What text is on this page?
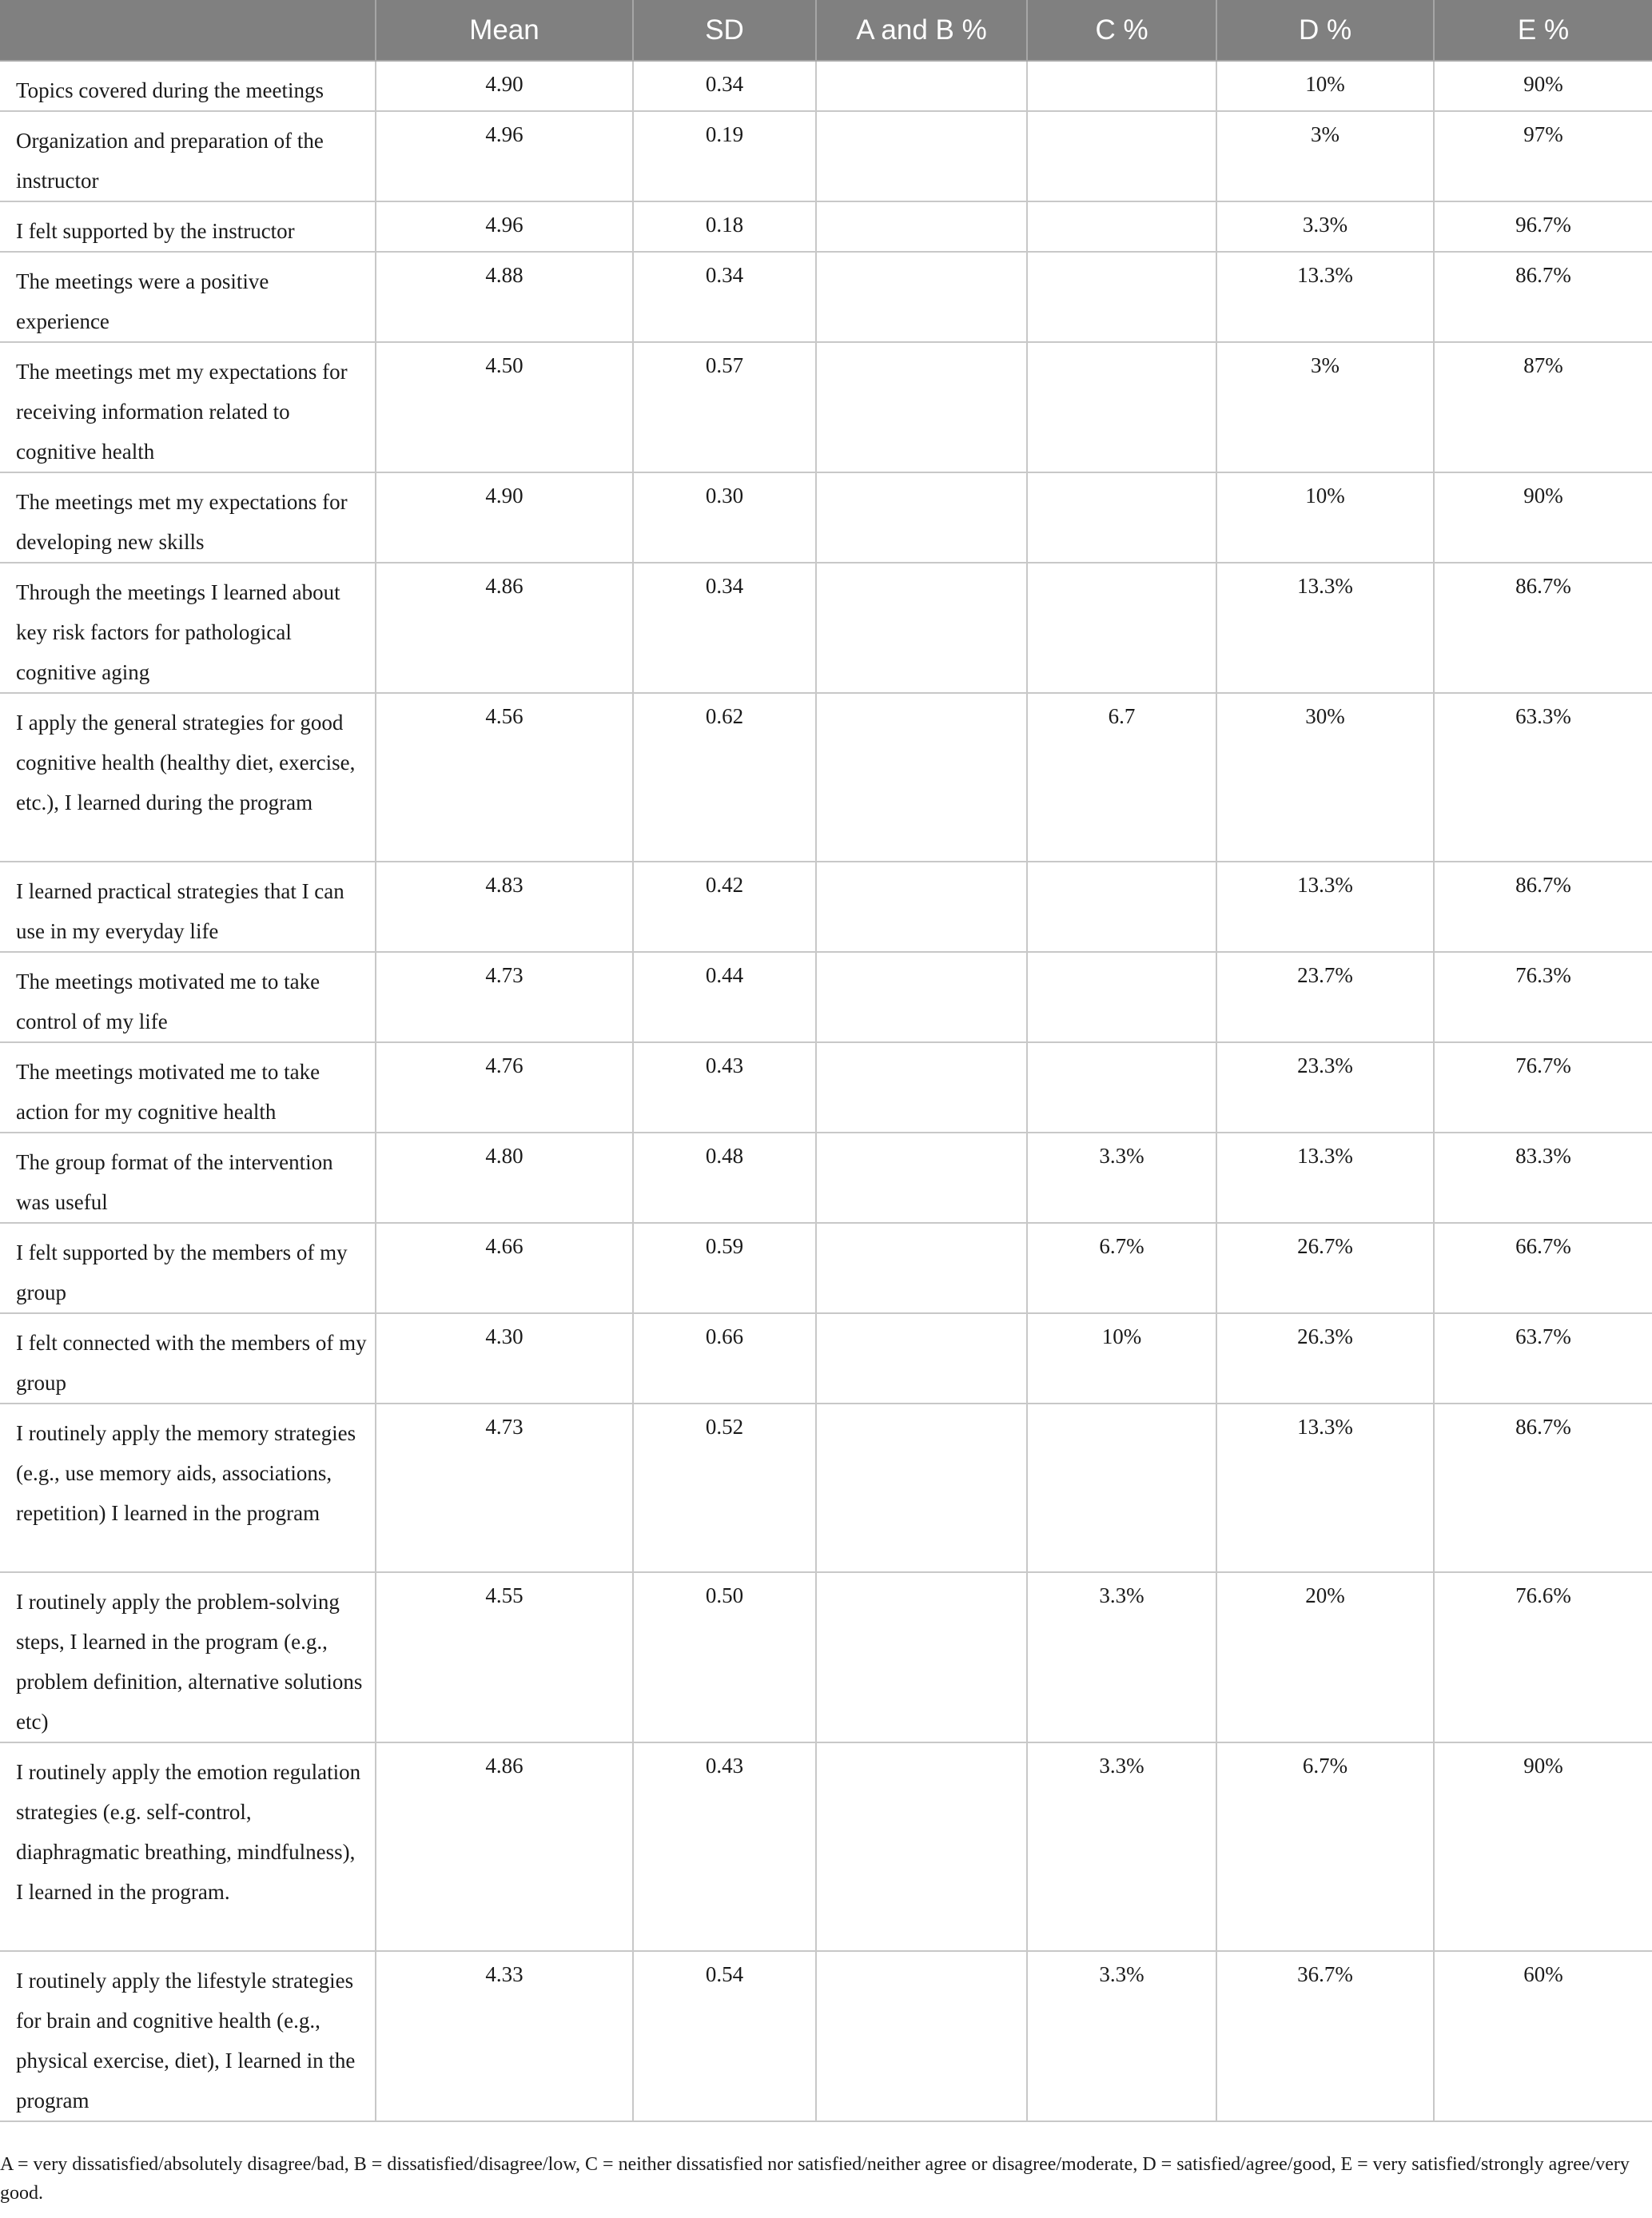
	Mean	SD	A and B %	C %	D %	E %
Topics covered during the meetings	4.90	0.34			10%	90%
Organization and preparation of the instructor	4.96	0.19			3%	97%
I felt supported by the instructor	4.96	0.18			3.3%	96.7%
The meetings were a positive experience	4.88	0.34			13.3%	86.7%
The meetings met my expectations for receiving information related to cognitive health	4.50	0.57			3%	87%
The meetings met my expectations for developing new skills	4.90	0.30			10%	90%
Through the meetings I learned about key risk factors for pathological cognitive aging	4.86	0.34			13.3%	86.7%
I apply the general strategies for good cognitive health (healthy diet, exercise, etc.), I learned during the program	4.56	0.62		6.7	30%	63.3%
I learned practical strategies that I can use in my everyday life	4.83	0.42			13.3%	86.7%
The meetings motivated me to take control of my life	4.73	0.44			23.7%	76.3%
The meetings motivated me to take action for my cognitive health	4.76	0.43			23.3%	76.7%
The group format of the intervention was useful	4.80	0.48		3.3%	13.3%	83.3%
I felt supported by the members of my group	4.66	0.59		6.7%	26.7%	66.7%
I felt connected with the members of my group	4.30	0.66		10%	26.3%	63.7%
I routinely apply the memory strategies (e.g., use memory aids, associations, repetition) I learned in the program	4.73	0.52			13.3%	86.7%
I routinely apply the problem-solving steps, I learned in the program (e.g., problem definition, alternative solutions etc)	4.55	0.50		3.3%	20%	76.6%
I routinely apply the emotion regulation strategies (e.g. self-control, diaphragmatic breathing, mindfulness), I learned in the program.	4.86	0.43		3.3%	6.7%	90%
I routinely apply the lifestyle strategies for brain and cognitive health (e.g., physical exercise, diet), I learned in the program	4.33	0.54		3.3%	36.7%	60%
A = very dissatisfied/absolutely disagree/bad, B = dissatisfied/disagree/low, C = neither dissatisfied nor satisfied/neither agree or disagree/moderate, D = satisfied/agree/good, E = very satisfied/strongly agree/very good.
